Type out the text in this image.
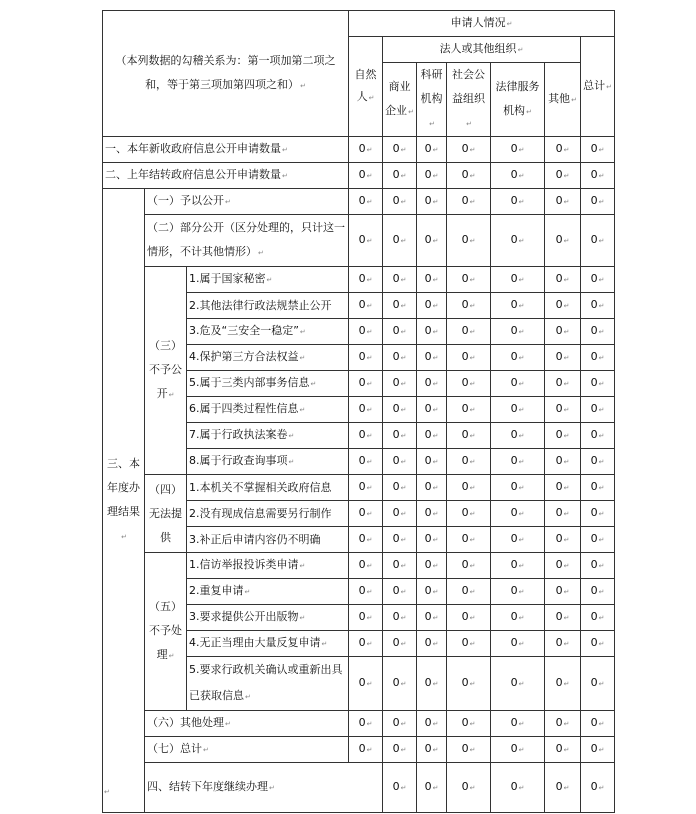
（本列数据的勾稽关系为：第一项加第二项之和，等于第三项加第四项之和）↵			申请人情况↵							
			自然人↵	法人或其他组织↵					总计↵	
				商业企业↵	科研机构↵	社会公益组织↵	法律服务机构↵	其他↵		
一、本年新收政府信息公开申请数量↵			0↵	0↵	0↵	0↵	0↵	0↵	0↵	
二、上年结转政府信息公开申请数量↵			0↵	0↵	0↵	0↵	0↵	0↵	0↵	
三、本年度办理结果↵	（一）予以公开↵		0↵	0↵	0↵	0↵	0↵	0↵	0↵	
	（二）部分公开（区分处理的，只计这一情形，不计其他情形）↵		0↵	0↵	0↵	0↵	0↵	0↵	0↵	
	（三）不予公开↵	1.属于国家秘密↵	0↵	0↵	0↵	0↵	0↵	0↵	0↵	
		2.其他法律行政法规禁止公开	0↵	0↵	0↵	0↵	0↵	0↵	0↵	
		3.危及“三安全一稳定”↵	0↵	0↵	0↵	0↵	0↵	0↵	0↵	
		4.保护第三方合法权益↵	0↵	0↵	0↵	0↵	0↵	0↵	0↵	
		5.属于三类内部事务信息↵	0↵	0↵	0↵	0↵	0↵	0↵	0↵	
		6.属于四类过程性信息↵	0↵	0↵	0↵	0↵	0↵	0↵	0↵	
		7.属于行政执法案卷↵	0↵	0↵	0↵	0↵	0↵	0↵	0↵	
		8.属于行政查询事项↵	0↵	0↵	0↵	0↵	0↵	0↵	0↵	
	（四）无法提供	1.本机关不掌握相关政府信息	0↵	0↵	0↵	0↵	0↵	0↵	0↵	
		2.没有现成信息需要另行制作	0↵	0↵	0↵	0↵	0↵	0↵	0↵	
		3.补正后申请内容仍不明确	0↵	0↵	0↵	0↵	0↵	0↵	0↵	
	（五）不予处理↵	1.信访举报投诉类申请↵	0↵	0↵	0↵	0↵	0↵	0↵	0↵	
		2.重复申请↵	0↵	0↵	0↵	0↵	0↵	0↵	0↵	
		3.要求提供公开出版物↵	0↵	0↵	0↵	0↵	0↵	0↵	0↵	
		4.无正当理由大量反复申请↵	0↵	0↵	0↵	0↵	0↵	0↵	0↵	
		5.要求行政机关确认或重新出具已获取信息↵	0↵	0↵	0↵	0↵	0↵	0↵	0↵	
	（六）其他处理↵		0↵	0↵	0↵	0↵	0↵	0↵	0↵	
	（七）总计↵		0↵	0↵	0↵	0↵	0↵	0↵	0↵	
	四、结转下年度继续办理↵			0↵	0↵	0↵	0↵	0↵	0↵	
↵
